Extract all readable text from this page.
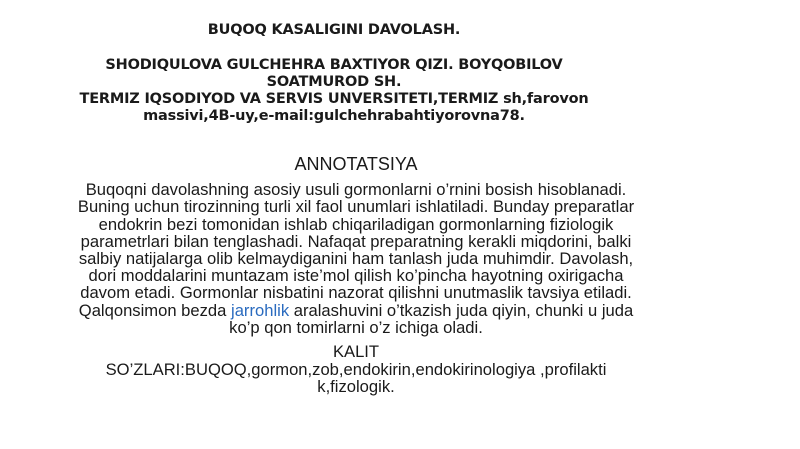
BUQOQ KASALIGINI DAVOLASH.
SHODIQULOVA GULCHEHRA BAXTIYOR QIZI. BOYQOBILOV
SOATMUROD SH.
TERMIZ IQSODIYOD VA SERVIS UNVERSITETI,TERMIZ sh,farovon
massivi,4B-uy,e-mail:gulchehrabahtiyorovna78.
ANNOTATSIYA
Buqoqni davolashning asosiy usuli gormonlarni o’rnini bosish hisoblanadi. Buning uchun tirozinning turli xil faol unumlari ishlatiladi. Bunday preparatlar endokrin bezi tomonidan ishlab chiqariladigan gormonlarning fiziologik parametrlari bilan tenglashadi. Nafaqat preparatning kerakli miqdorini, balki salbiy natijalarga olib kelmaydiganini ham tanlash juda muhimdir. Davolash, dori moddalarini muntazam iste’mol qilish ko’pincha hayotning oxirigacha davom etadi. Gormonlar nisbatini nazorat qilishni unutmaslik tavsiya etiladi. Qalqonsimon bezda jarrohlik aralashuvini o’tkazish juda qiyin, chunki u juda ko’p qon tomirlarni o’z ichiga oladi.
KALIT
SO’ZLARI:BUQOQ,gormon,zob,endokirin,endokirinologiya ,profilakti
k,fizologik.
